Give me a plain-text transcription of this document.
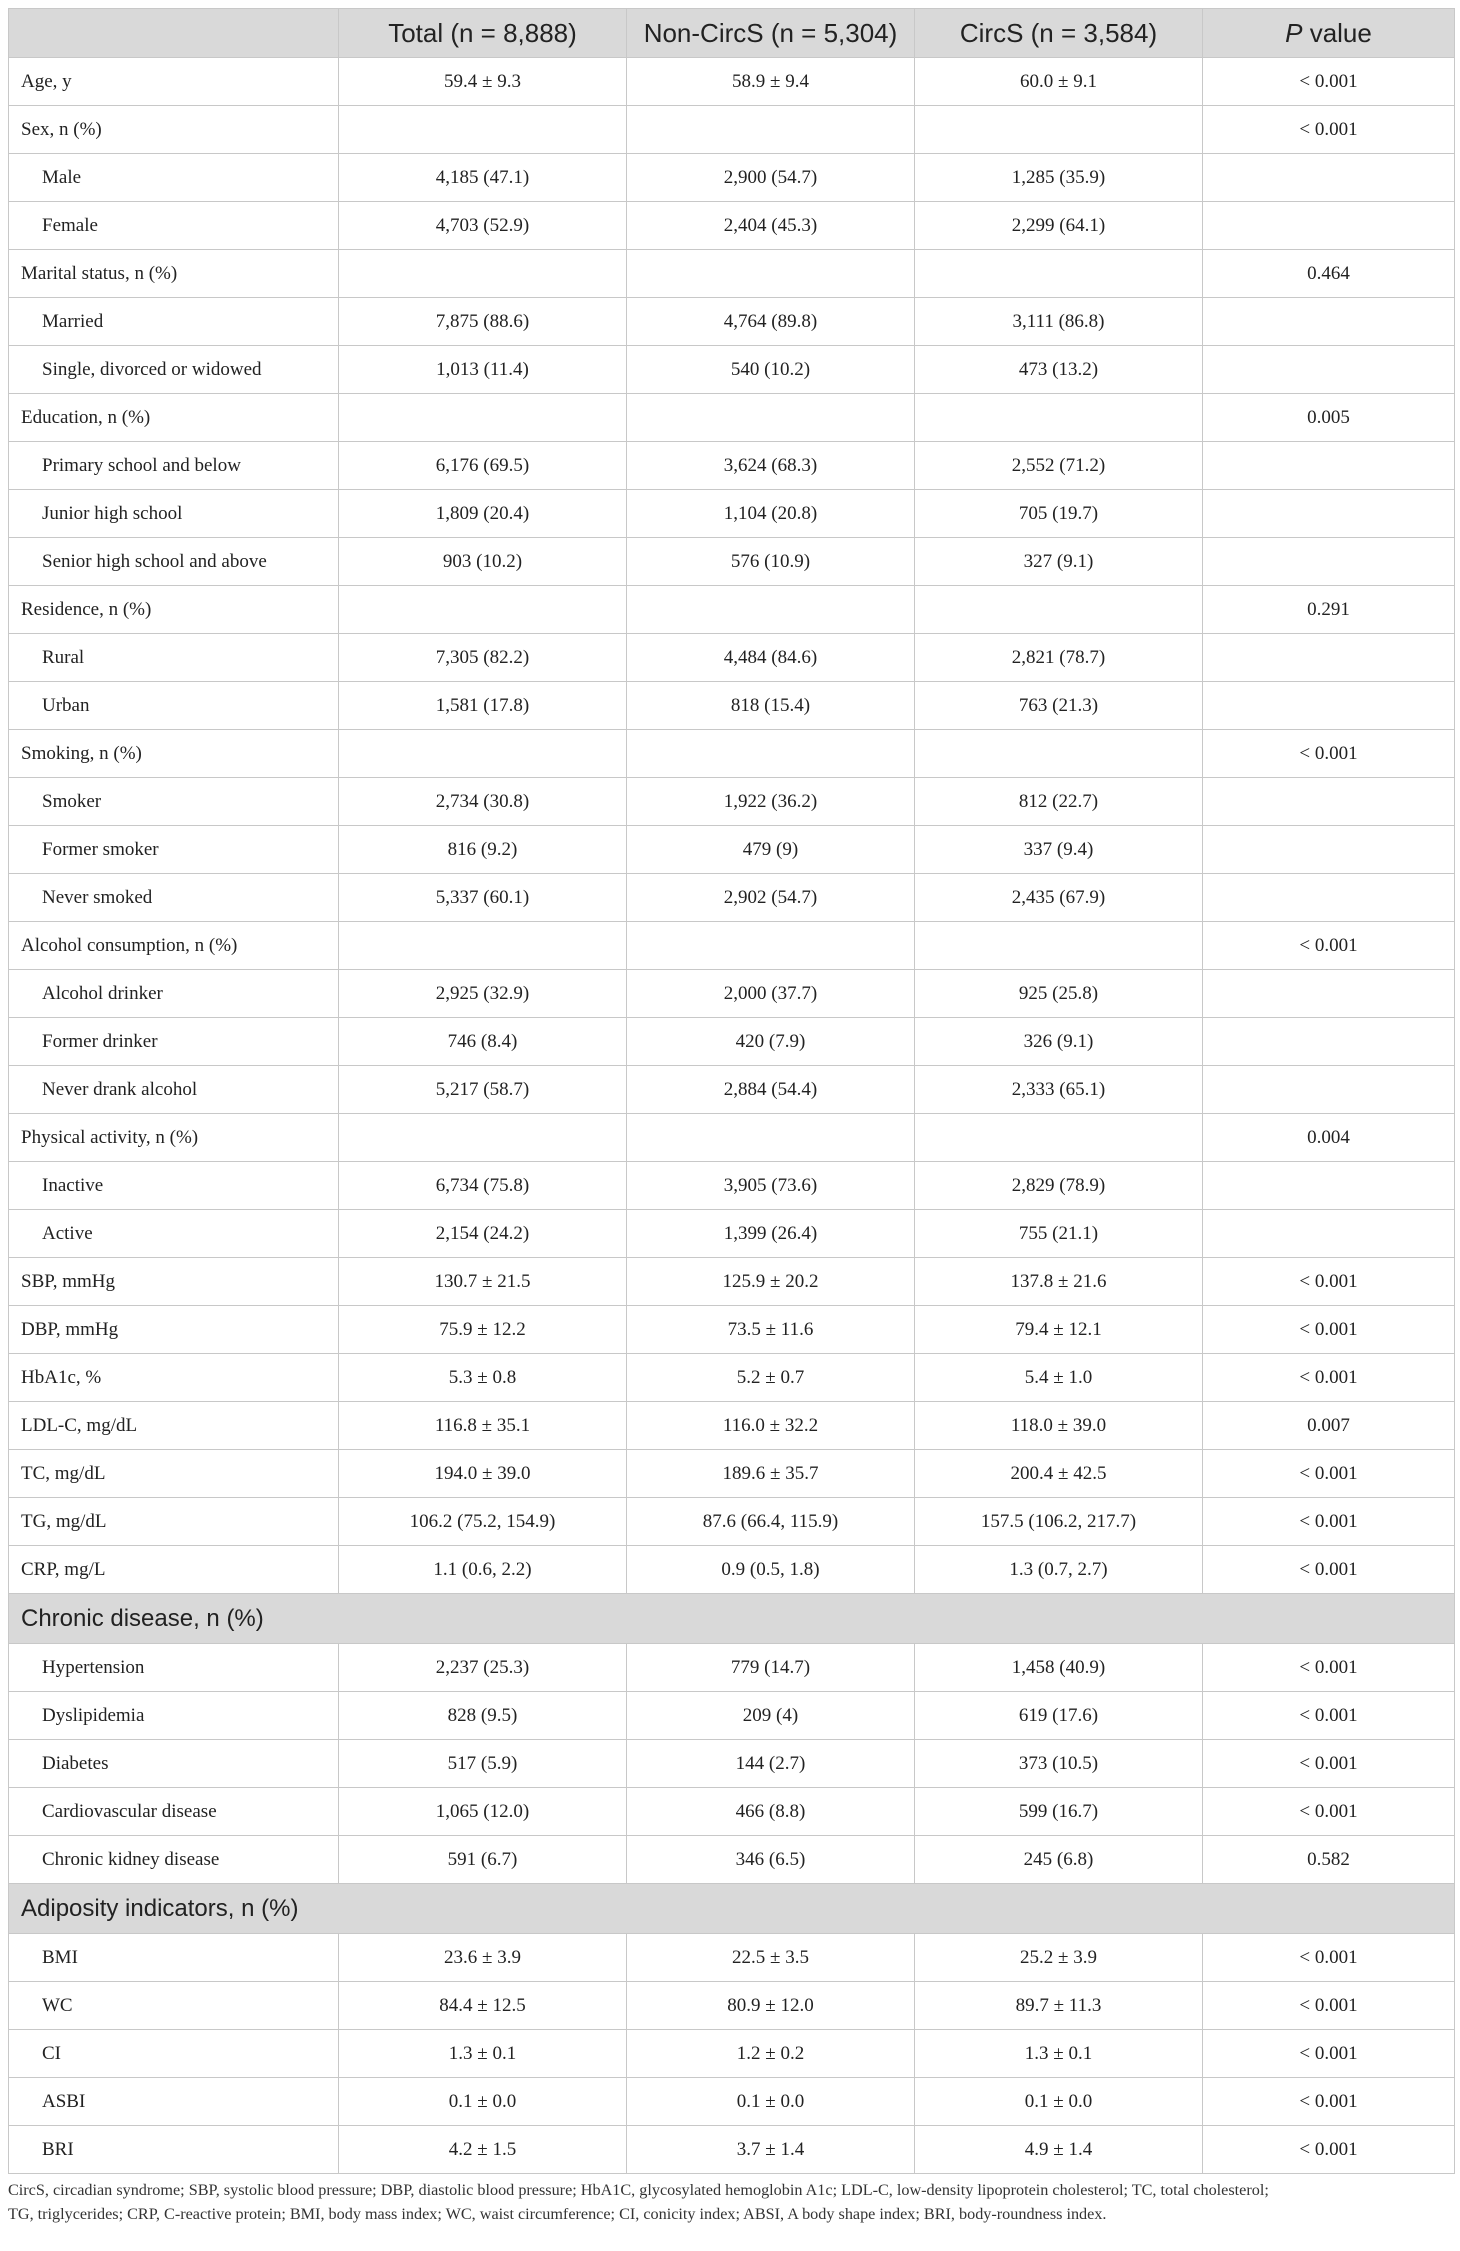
	Total (n = 8,888)	Non-CircS (n = 5,304)	CircS (n = 3,584)	P value
Age, y	59.4 ± 9.3	58.9 ± 9.4	60.0 ± 9.1	< 0.001
Sex, n (%)				< 0.001
Male	4,185 (47.1)	2,900 (54.7)	1,285 (35.9)	
Female	4,703 (52.9)	2,404 (45.3)	2,299 (64.1)	
Marital status, n (%)				0.464
Married	7,875 (88.6)	4,764 (89.8)	3,111 (86.8)	
Single, divorced or widowed	1,013 (11.4)	540 (10.2)	473 (13.2)	
Education, n (%)				0.005
Primary school and below	6,176 (69.5)	3,624 (68.3)	2,552 (71.2)	
Junior high school	1,809 (20.4)	1,104 (20.8)	705 (19.7)	
Senior high school and above	903 (10.2)	576 (10.9)	327 (9.1)	
Residence, n (%)				0.291
Rural	7,305 (82.2)	4,484 (84.6)	2,821 (78.7)	
Urban	1,581 (17.8)	818 (15.4)	763 (21.3)	
Smoking, n (%)				< 0.001
Smoker	2,734 (30.8)	1,922 (36.2)	812 (22.7)	
Former smoker	816 (9.2)	479 (9)	337 (9.4)	
Never smoked	5,337 (60.1)	2,902 (54.7)	2,435 (67.9)	
Alcohol consumption, n (%)				< 0.001
Alcohol drinker	2,925 (32.9)	2,000 (37.7)	925 (25.8)	
Former drinker	746 (8.4)	420 (7.9)	326 (9.1)	
Never drank alcohol	5,217 (58.7)	2,884 (54.4)	2,333 (65.1)	
Physical activity, n (%)				0.004
Inactive	6,734 (75.8)	3,905 (73.6)	2,829 (78.9)	
Active	2,154 (24.2)	1,399 (26.4)	755 (21.1)	
SBP, mmHg	130.7 ± 21.5	125.9 ± 20.2	137.8 ± 21.6	< 0.001
DBP, mmHg	75.9 ± 12.2	73.5 ± 11.6	79.4 ± 12.1	< 0.001
HbA1c, %	5.3 ± 0.8	5.2 ± 0.7	5.4 ± 1.0	< 0.001
LDL-C, mg/dL	116.8 ± 35.1	116.0 ± 32.2	118.0 ± 39.0	0.007
TC, mg/dL	194.0 ± 39.0	189.6 ± 35.7	200.4 ± 42.5	< 0.001
TG, mg/dL	106.2 (75.2, 154.9)	87.6 (66.4, 115.9)	157.5 (106.2, 217.7)	< 0.001
CRP, mg/L	1.1 (0.6, 2.2)	0.9 (0.5, 1.8)	1.3 (0.7, 2.7)	< 0.001
Chronic disease, n (%)				
Hypertension	2,237 (25.3)	779 (14.7)	1,458 (40.9)	< 0.001
Dyslipidemia	828 (9.5)	209 (4)	619 (17.6)	< 0.001
Diabetes	517 (5.9)	144 (2.7)	373 (10.5)	< 0.001
Cardiovascular disease	1,065 (12.0)	466 (8.8)	599 (16.7)	< 0.001
Chronic kidney disease	591 (6.7)	346 (6.5)	245 (6.8)	0.582
Adiposity indicators, n (%)				
BMI	23.6 ± 3.9	22.5 ± 3.5	25.2 ± 3.9	< 0.001
WC	84.4 ± 12.5	80.9 ± 12.0	89.7 ± 11.3	< 0.001
CI	1.3 ± 0.1	1.2 ± 0.2	1.3 ± 0.1	< 0.001
ASBI	0.1 ± 0.0	0.1 ± 0.0	0.1 ± 0.0	< 0.001
BRI	4.2 ± 1.5	3.7 ± 1.4	4.9 ± 1.4	< 0.001
CircS, circadian syndrome; SBP, systolic blood pressure; DBP, diastolic blood pressure; HbA1C, glycosylated hemoglobin A1c; LDL-C, low-density lipoprotein cholesterol; TC, total cholesterol;
TG, triglycerides; CRP, C-reactive protein; BMI, body mass index; WC, waist circumference; CI, conicity index; ABSI, A body shape index; BRI, body-roundness index.
